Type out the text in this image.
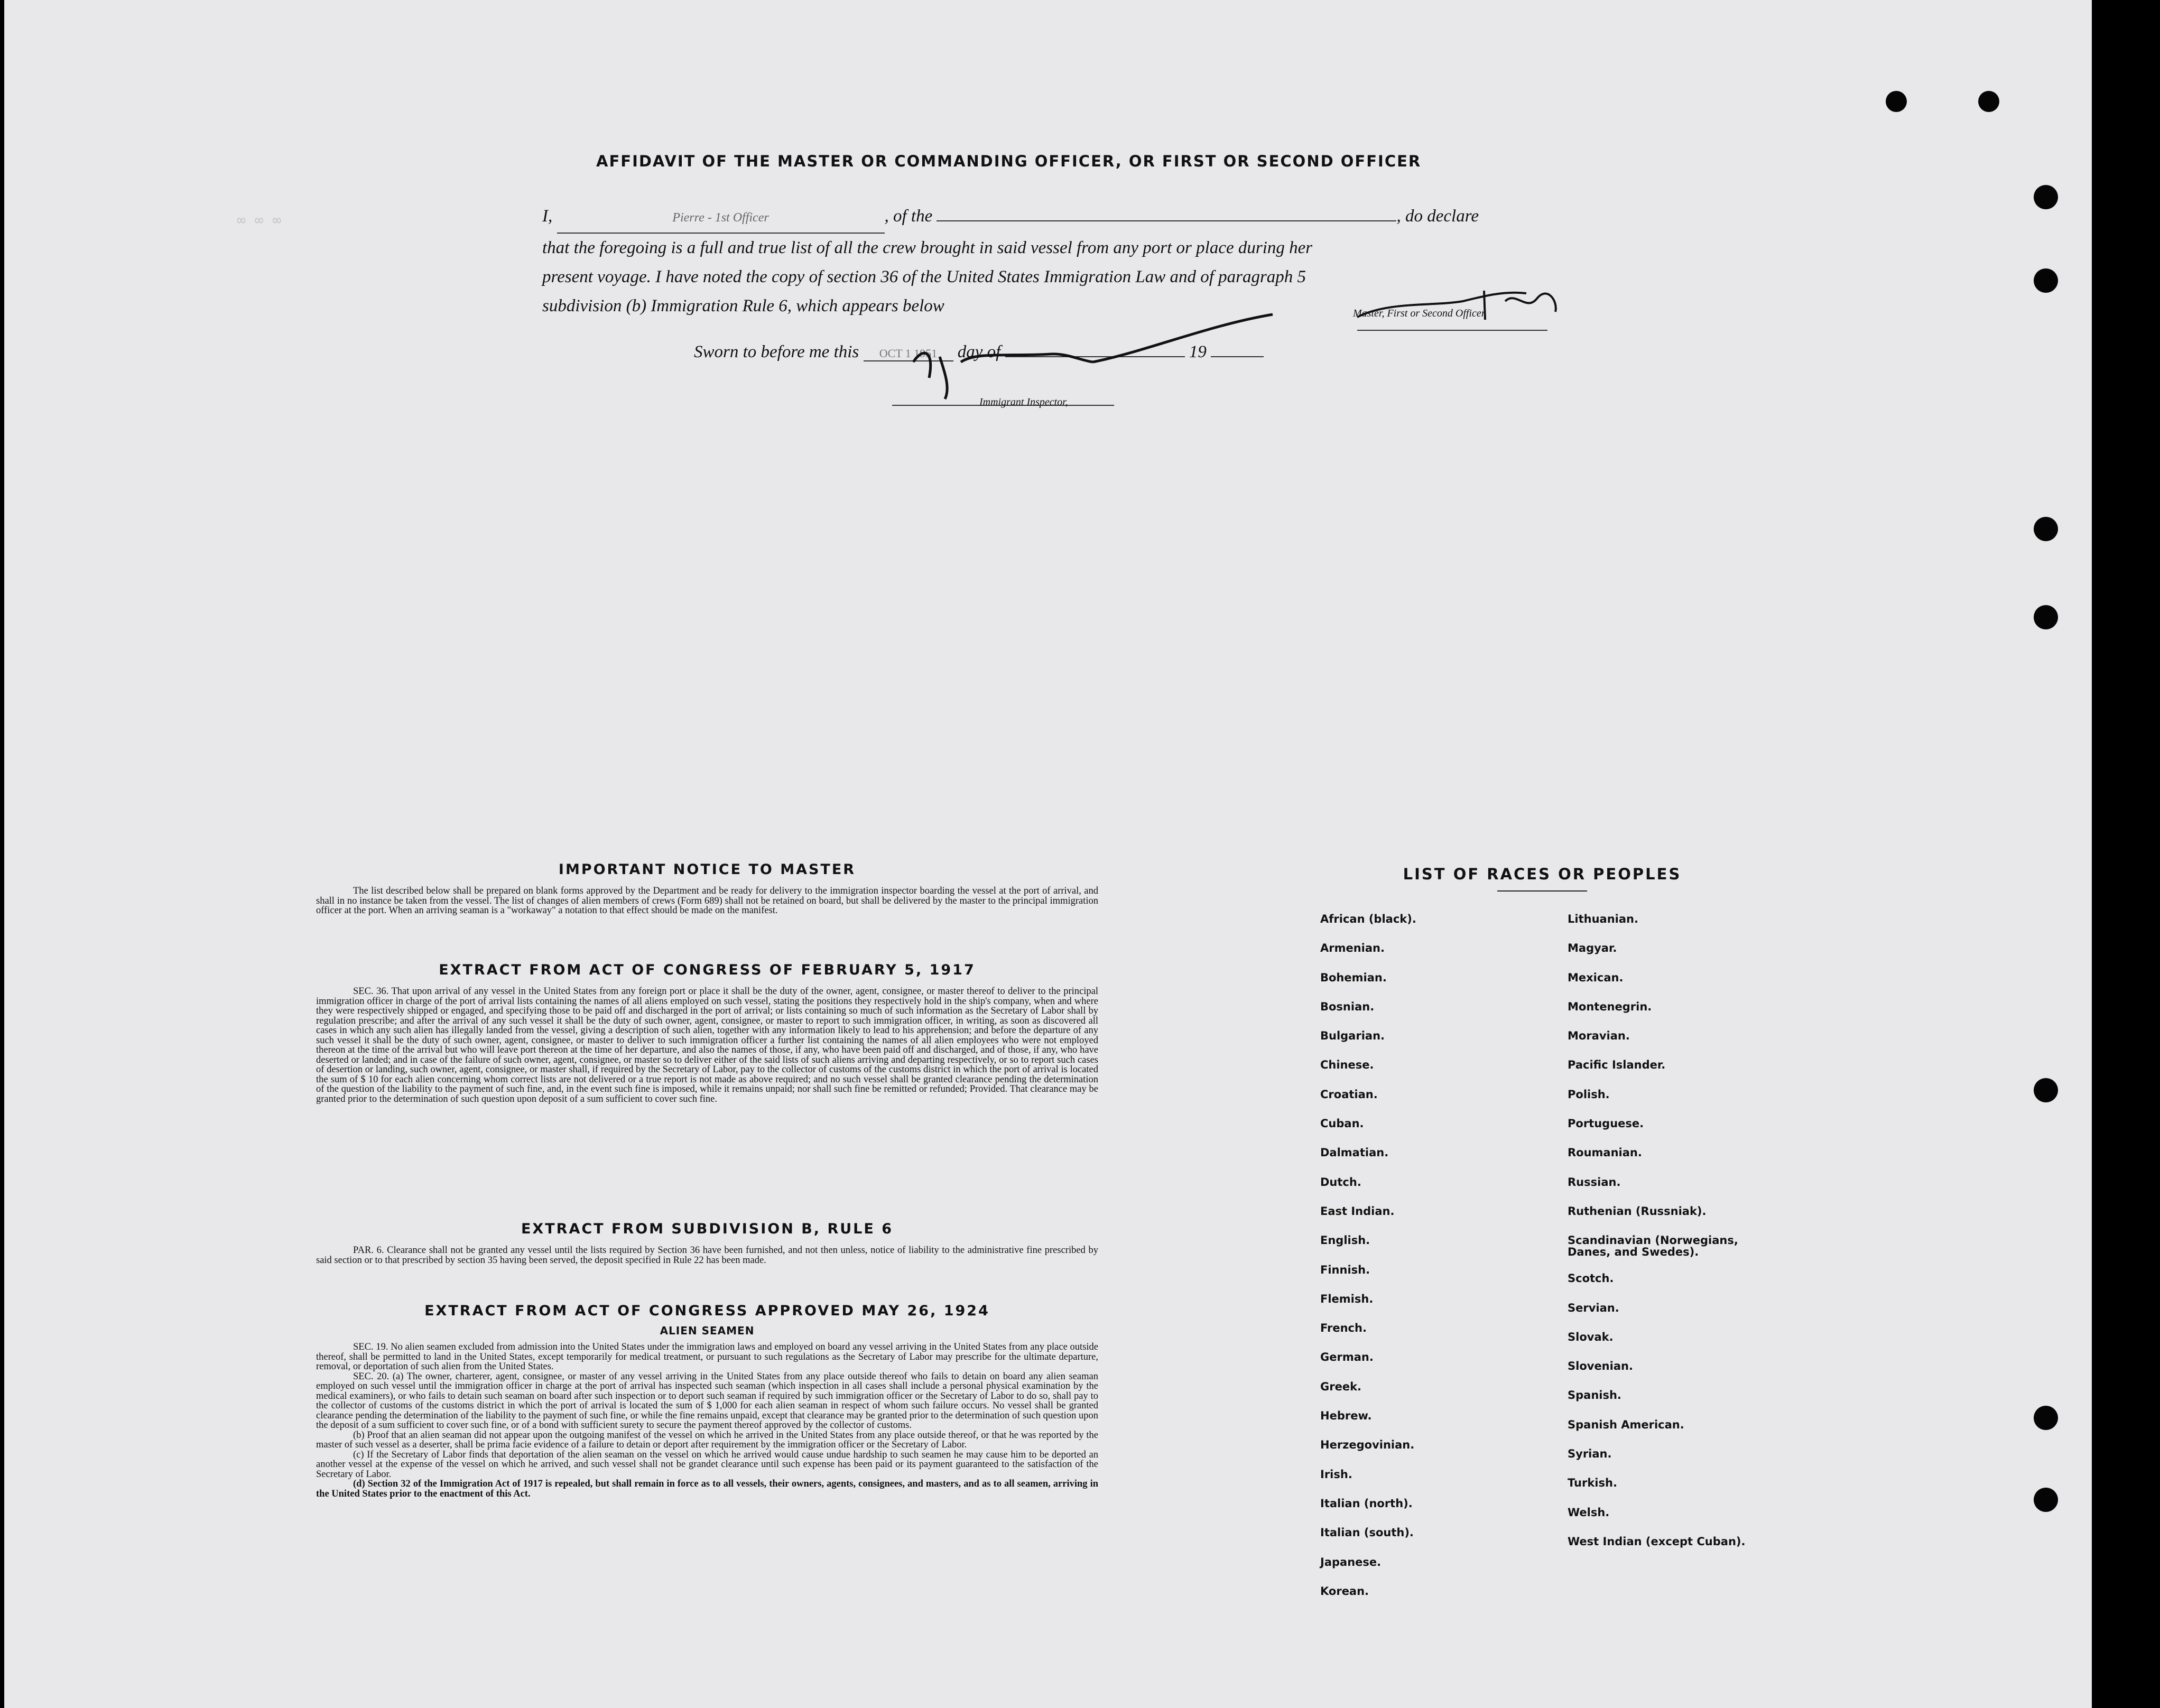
∞ ∞ ∞
AFFIDAVIT OF THE MASTER OR COMMANDING OFFICER, OR FIRST OR SECOND OFFICER

I,	Pierre - 1st Officer	, of the	, do declare

that the foregoing is a full and true list of all the crew brought in said vessel from any port or place during her

present voyage. I have noted the copy of section 36 of the United States Immigration Law and of paragraph 5

subdivision (b) Immigration Rule 6, which appears below	Master, First or Second Officer,
Sworn to before me this OCT 1 1951 day of	19
Immigrant Inspector,
IMPORTANT NOTICE TO MASTER

The list described below shall be prepared on blank forms approved by the Department and be ready for delivery to the immigration inspector boarding the vessel at the port of arrival, and shall in no instance be taken from the vessel. The list of changes of alien members of crews (Form 689) shall not be retained on board, but shall be delivered by the master to the principal immigration officer at the port. When an arriving seaman is a "workaway" a notation to that effect should be made on the manifest.

EXTRACT FROM ACT OF CONGRESS OF FEBRUARY 5, 1917

SEC. 36. That upon arrival of any vessel in the United States from any foreign port or place it shall be the duty of the owner, agent, consignee, or master thereof to deliver to the principal immigration officer in charge of the port of arrival lists containing the names of all aliens employed on such vessel, stating the positions they respectively hold in the ship's company, when and where they were respectively shipped or engaged, and specifying those to be paid off and discharged in the port of arrival; or lists containing so much of such information as the Secretary of Labor shall by regulation prescribe; and after the arrival of any such vessel it shall be the duty of such owner, agent, consignee, or master to report to such immigration officer, in writing, as soon as discovered all cases in which any such alien has illegally landed from the vessel, giving a description of such alien, together with any information likely to lead to his apprehension; and before the departure of any such vessel it shall be the duty of such owner, agent, consignee, or master to deliver to such immigration officer a further list containing the names of all alien employees who were not employed thereon at the time of the arrival but who will leave port thereon at the time of her departure, and also the names of those, if any, who have been paid off and discharged, and of those, if any, who have deserted or landed; and in case of the failure of such owner, agent, consignee, or master so to deliver either of the said lists of such aliens arriving and departing respectively, or so to report such cases of desertion or landing, such owner, agent, consignee, or master shall, if required by the Secretary of Labor, pay to the collector of customs of the customs district in which the port of arrival is located the sum of $ 10 for each alien concerning whom correct lists are not delivered or a true report is not made as above required; and no such vessel shall be granted clearance pending the determination of the question of the liability to the payment of such fine, and, in the event such fine is imposed, while it remains unpaid; nor shall such fine be remitted or refunded; Provided. That clearance may be granted prior to the determination of such question upon deposit of a sum sufficient to cover such fine.

EXTRACT FROM SUBDIVISION B, RULE 6

PAR. 6. Clearance shall not be granted any vessel until the lists required by Section 36 have been furnished, and not then unless, notice of liability to the administrative fine prescribed by said section or to that prescribed by section 35 having been served, the deposit specified in Rule 22 has been made.

EXTRACT FROM ACT OF CONGRESS APPROVED MAY 26, 1924
ALIEN SEAMEN

SEC. 19. No alien seamen excluded from admission into the United States under the immigration laws and employed on board any vessel arriving in the United States from any place outside thereof, shall be permitted to land in the United States, except temporarily for medical treatment, or pursuant to such regulations as the Secretary of Labor may prescribe for the ultimate departure, removal, or deportation of such alien from the United States.

SEC. 20. (a) The owner, charterer, agent, consignee, or master of any vessel arriving in the United States from any place outside thereof who fails to detain on board any alien seaman employed on such vessel until the immigration officer in charge at the port of arrival has inspected such seaman (which inspection in all cases shall include a personal physical examination by the medical examiners), or who fails to detain such seaman on board after such inspection or to deport such seaman if required by such immigration officer or the Secretary of Labor to do so, shall pay to the collector of customs of the customs district in which the port of arrival is located the sum of $ 1,000 for each alien seaman in respect of whom such failure occurs. No vessel shall be granted clearance pending the determination of the liability to the payment of such fine, or while the fine remains unpaid, except that clearance may be granted prior to the determination of such question upon the deposit of a sum sufficient to cover such fine, or of a bond with sufficient surety to secure the payment thereof approved by the collector of customs.

(b) Proof that an alien seaman did not appear upon the outgoing manifest of the vessel on which he arrived in the United States from any place outside thereof, or that he was reported by the master of such vessel as a deserter, shall be prima facie evidence of a failure to detain or deport after requirement by the immigration officer or the Secretary of Labor.

(c) If the Secretary of Labor finds that deportation of the alien seaman on the vessel on which he arrived would cause undue hardship to such seamen he may cause him to be deported an another vessel at the expense of the vessel on which he arrived, and such vessel shall not be grandet clearance until such expense has been paid or its payment guaranteed to the satisfaction of the Secretary of Labor.

(d) Section 32 of the Immigration Act of 1917 is repealed, but shall remain in force as to all vessels, their owners, agents, consignees, and masters, and as to all seamen, arriving in the United States prior to the enactment of this Act.

LIST OF RACES OR PEOPLES
African (black).
Armenian.
Bohemian.
Bosnian.
Bulgarian.
Chinese.
Croatian.
Cuban.
Dalmatian.
Dutch.
East Indian.
English.
Finnish.
Flemish.
French.
German.
Greek.
Hebrew.
Herzegovinian.
Irish.
Italian (north).
Italian (south).
Japanese.
Korean.
Lithuanian.
Magyar.
Mexican.
Montenegrin.
Moravian.
Pacific Islander.
Polish.
Portuguese.
Roumanian.
Russian.
Ruthenian (Russniak).
Scandinavian (Norwegians, Danes, and Swedes).
Scotch.
Servian.
Slovak.
Slovenian.
Spanish.
Spanish American.
Syrian.
Turkish.
Welsh.
West Indian (except Cuban).
